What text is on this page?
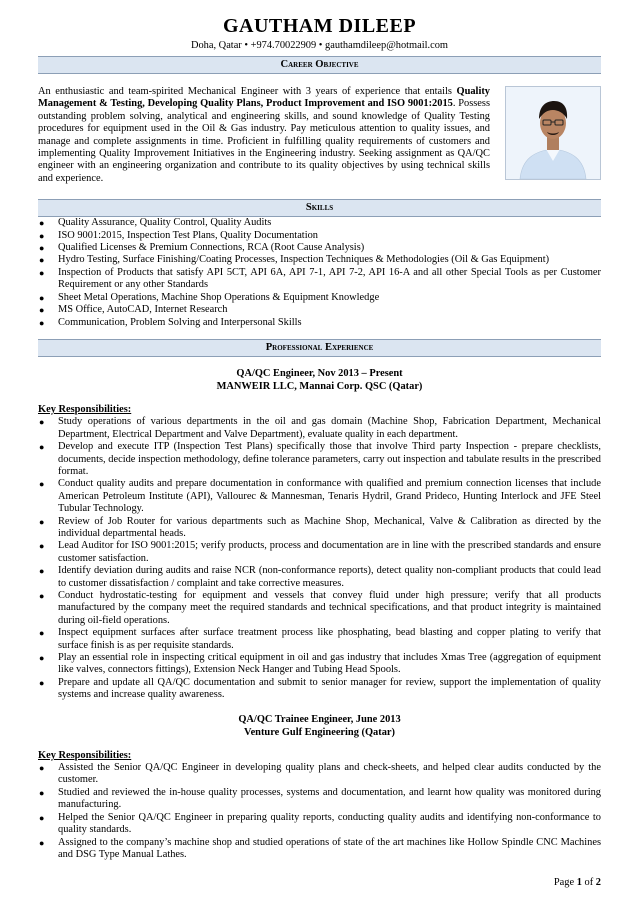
GAUTHAM DILEEP
Doha, Qatar • +974.70022909 • gauthamdileep@hotmail.com
Career Objective
An enthusiastic and team-spirited Mechanical Engineer with 3 years of experience that entails Quality Management & Testing, Developing Quality Plans, Product Improvement and ISO 9001:2015. Possess outstanding problem solving, analytical and engineering skills, and sound knowledge of Quality Testing procedures for equipment used in the Oil & Gas industry. Pay meticulous attention to quality issues, and manage and complete assignments in time. Proficient in fulfilling quality requirements of customers and implementing Quality Improvement Initiatives in the Engineering industry. Seeking assignment as QA/QC engineer with an engineering organization and contribute to its quality objectives by using technical skills and experience.
Skills
● Quality Assurance, Quality Control, Quality Audits
● ISO 9001:2015, Inspection Test Plans, Quality Documentation
● Qualified Licenses & Premium Connections, RCA (Root Cause Analysis)
● Hydro Testing, Surface Finishing/Coating Processes, Inspection Techniques & Methodologies (Oil & Gas Equipment)
● Inspection of Products that satisfy API 5CT, API 6A, API 7-1, API 7-2, API 16-A and all other Special Tools as per Customer Requirement or any other Standards
● Sheet Metal Operations, Machine Shop Operations & Equipment Knowledge
● MS Office, AutoCAD, Internet Research
● Communication, Problem Solving and Interpersonal Skills
Professional Experience
QA/QC Engineer, Nov 2013 – Present
MANWEIR LLC, Mannai Corp. QSC (Qatar)
Key Responsibilities:
● Study operations of various departments in the oil and gas domain (Machine Shop, Fabrication Department, Mechanical Department, Electrical Department and Valve Department), evaluate quality in each department.
● Develop and execute ITP (Inspection Test Plans) specifically those that involve Third party Inspection - prepare checklists, documents, decide inspection methodology, define tolerance parameters, carry out inspection and tabulate results in the prescribed format.
● Conduct quality audits and prepare documentation in conformance with qualified and premium connection licenses that include American Petroleum Institute (API), Vallourec & Mannesman, Tenaris Hydril, Grand Prideco, Hunting Interlock and JFE Steel Tubular Technology.
● Review of Job Router for various departments such as Machine Shop, Mechanical, Valve & Calibration as directed by the individual departmental heads.
● Lead Auditor for ISO 9001:2015; verify products, process and documentation are in line with the prescribed standards and ensure customer satisfaction.
● Identify deviation during audits and raise NCR (non-conformance reports), detect quality non-compliant products that could lead to customer dissatisfaction / complaint and take corrective measures.
● Conduct hydrostatic-testing for equipment and vessels that convey fluid under high pressure; verify that all products manufactured by the company meet the required standards and technical specifications, and that product integrity is maintained during oil-field operations.
● Inspect equipment surfaces after surface treatment process like phosphating, bead blasting and copper plating to verify that surface finish is as per requisite standards.
● Play an essential role in inspecting critical equipment in oil and gas industry that includes Xmas Tree (aggregation of equipment like valves, connectors fittings), Extension Neck Hanger and Tubing Head Spools.
● Prepare and update all QA/QC documentation and submit to senior manager for review, support the implementation of quality systems and increase quality awareness.
QA/QC Trainee Engineer, June 2013
Venture Gulf Engineering (Qatar)
Key Responsibilities:
● Assisted the Senior QA/QC Engineer in developing quality plans and check-sheets, and helped clear audits conducted by the customer.
● Studied and reviewed the in-house quality processes, systems and documentation, and learnt how quality was monitored during manufacturing.
● Helped the Senior QA/QC Engineer in preparing quality reports, conducting quality audits and identifying non-conformance to quality standards.
● Assigned to the company’s machine shop and studied operations of state of the art machines like Hollow Spindle CNC Machines and DSG Type Manual Lathes.
Page 1 of 2
